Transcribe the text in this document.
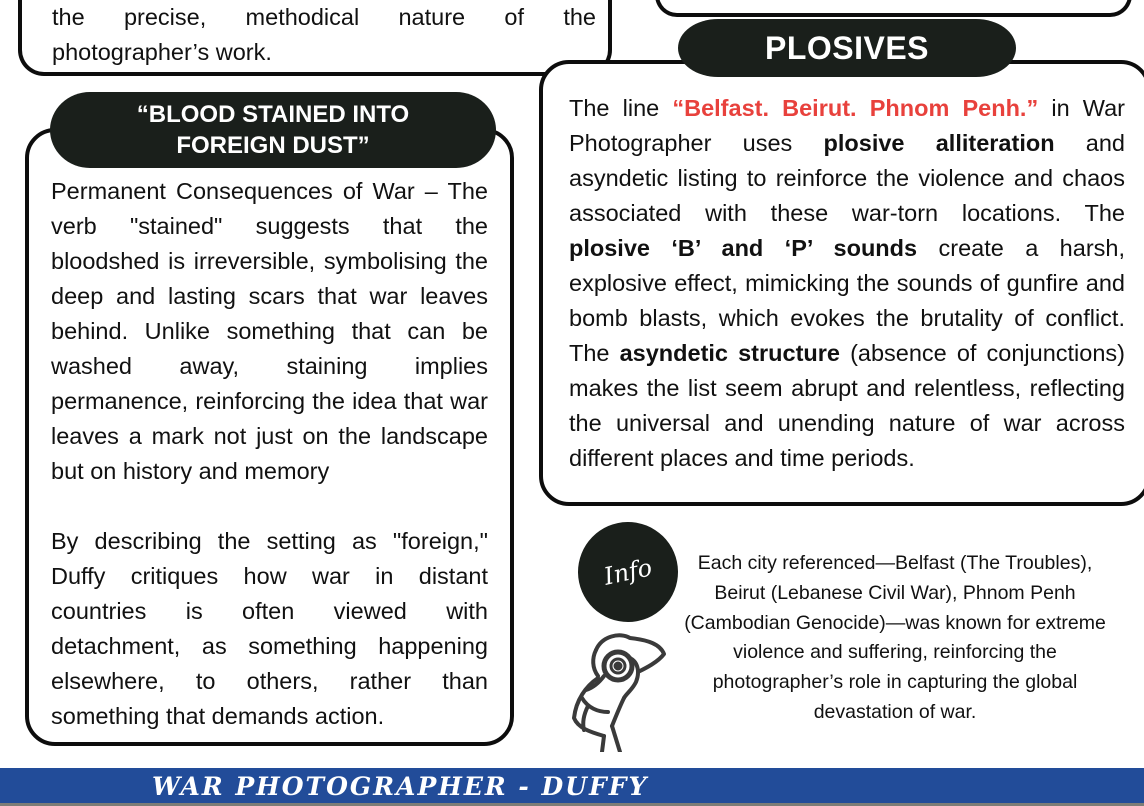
the precise, methodical nature of the
photographer’s work.
Permanent Consequences of War – The verb "stained" suggests that the bloodshed is irreversible, symbolising the deep and lasting scars that war leaves behind. Unlike something that can be washed away, staining implies permanence, reinforcing the idea that war leaves a mark not just on the landscape but on history and memory
By describing the setting as "foreign," Duffy critiques how war in distant countries is often viewed with detachment, as something happening elsewhere, to others, rather than something that demands action.
“BLOOD STAINED INTO FOREIGN DUST”
The line “Belfast. Beirut. Phnom Penh.” in War Photographer uses plosive alliteration and asyndetic listing to reinforce the violence and chaos associated with these war-torn locations. The plosive ‘B’ and ‘P’ sounds create a harsh, explosive effect, mimicking the sounds of gunfire and bomb blasts, which evokes the brutality of conflict. The asyndetic structure (absence of conjunctions) makes the list seem abrupt and relentless, reflecting the universal and unending nature of war across different places and time periods.
PLOSIVES
Info	Each city referenced—Belfast (The Troubles), Beirut (Lebanese Civil War), Phnom Penh (Cambodian Genocide)—was known for extreme violence and suffering, reinforcing the photographer’s role in capturing the global devastation of war.
WAR PHOTOGRAPHER - DUFFY
